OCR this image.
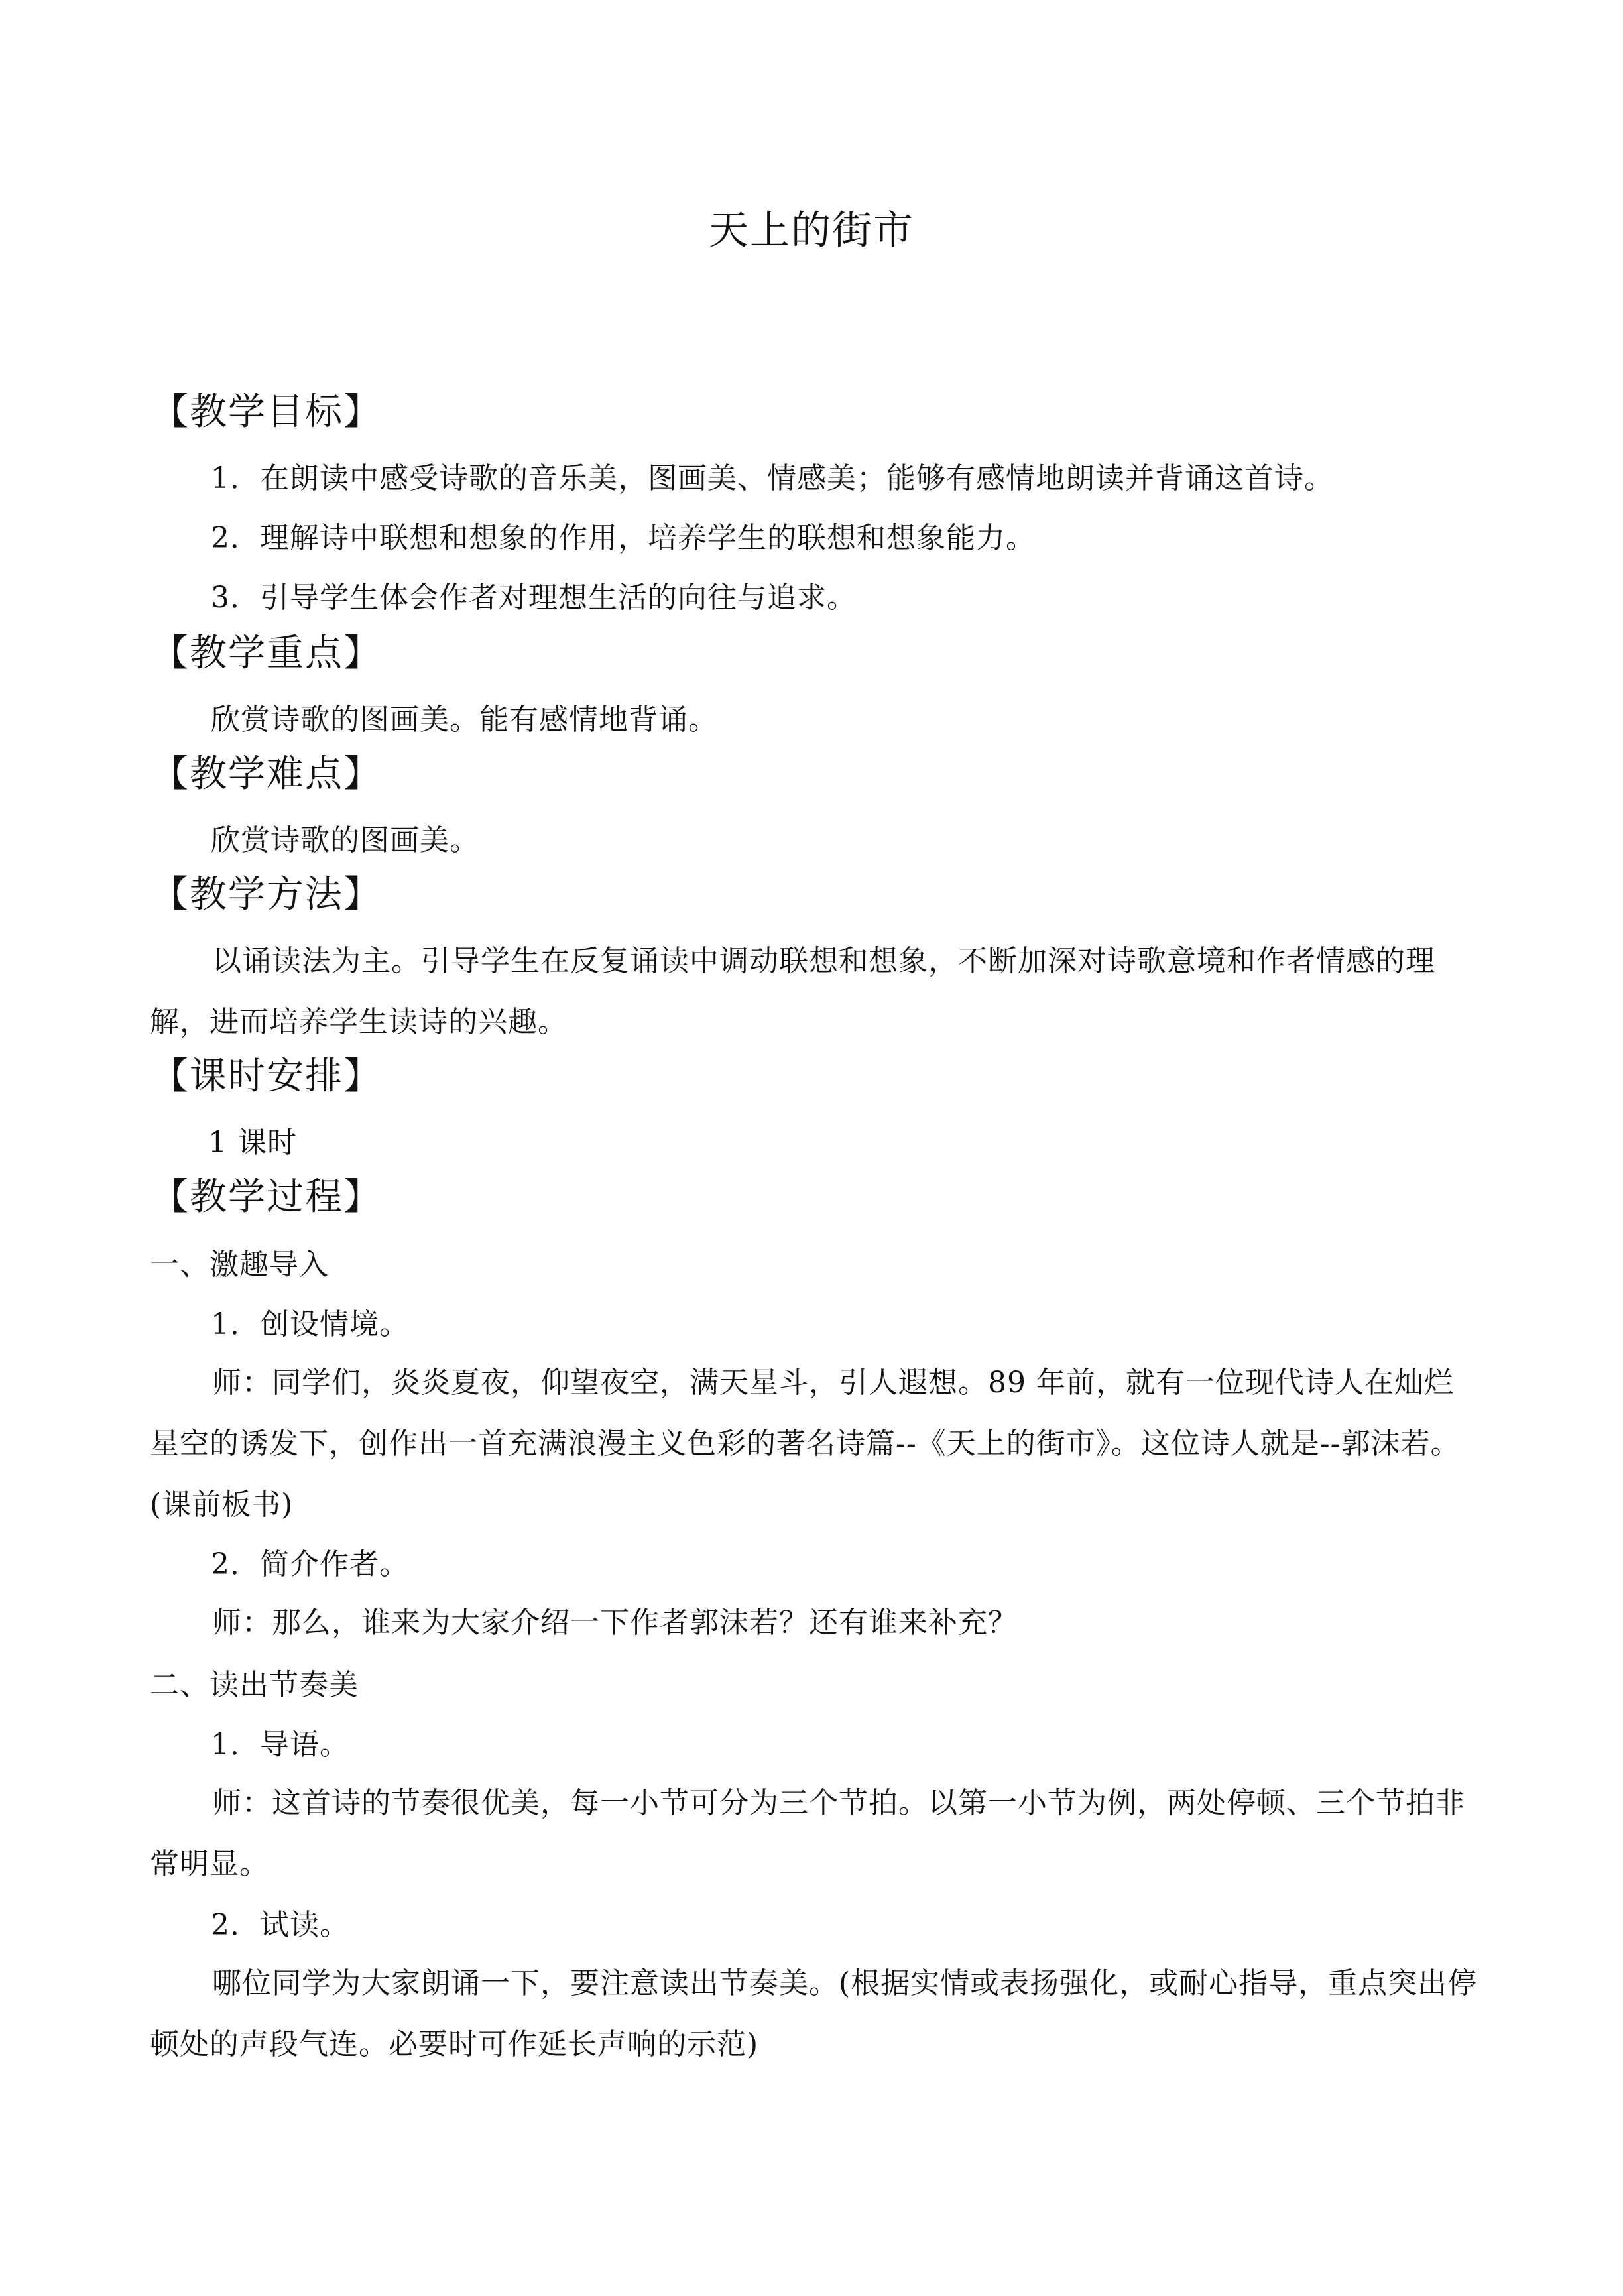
天上的街市
【教学目标】
1．在朗读中感受诗歌的音乐美，图画美、情感美；能够有感情地朗读并背诵这首诗。
2．理解诗中联想和想象的作用，培养学生的联想和想象能力。
3．引导学生体会作者对理想生活的向往与追求。
【教学重点】
欣赏诗歌的图画美。能有感情地背诵。
【教学难点】
欣赏诗歌的图画美。
【教学方法】
以诵读法为主。引导学生在反复诵读中调动联想和想象，不断加深对诗歌意境和作者情感的理解，进而培养学生读诗的兴趣。
【课时安排】
1 课时
【教学过程】
一、激趣导入
1．创设情境。
师：同学们，炎炎夏夜，仰望夜空，满天星斗，引人遐想。89 年前，就有一位现代诗人在灿烂星空的诱发下，创作出一首充满浪漫主义色彩的著名诗篇--《天上的街市》。这位诗人就是--郭沫若。(课前板书)
2．简介作者。
师：那么，谁来为大家介绍一下作者郭沫若？还有谁来补充？
二、读出节奏美
1．导语。
师：这首诗的节奏很优美，每一小节可分为三个节拍。以第一小节为例，两处停顿、三个节拍非常明显。
2．试读。
哪位同学为大家朗诵一下，要注意读出节奏美。(根据实情或表扬强化，或耐心指导，重点突出停顿处的声段气连。必要时可作延长声响的示范)
